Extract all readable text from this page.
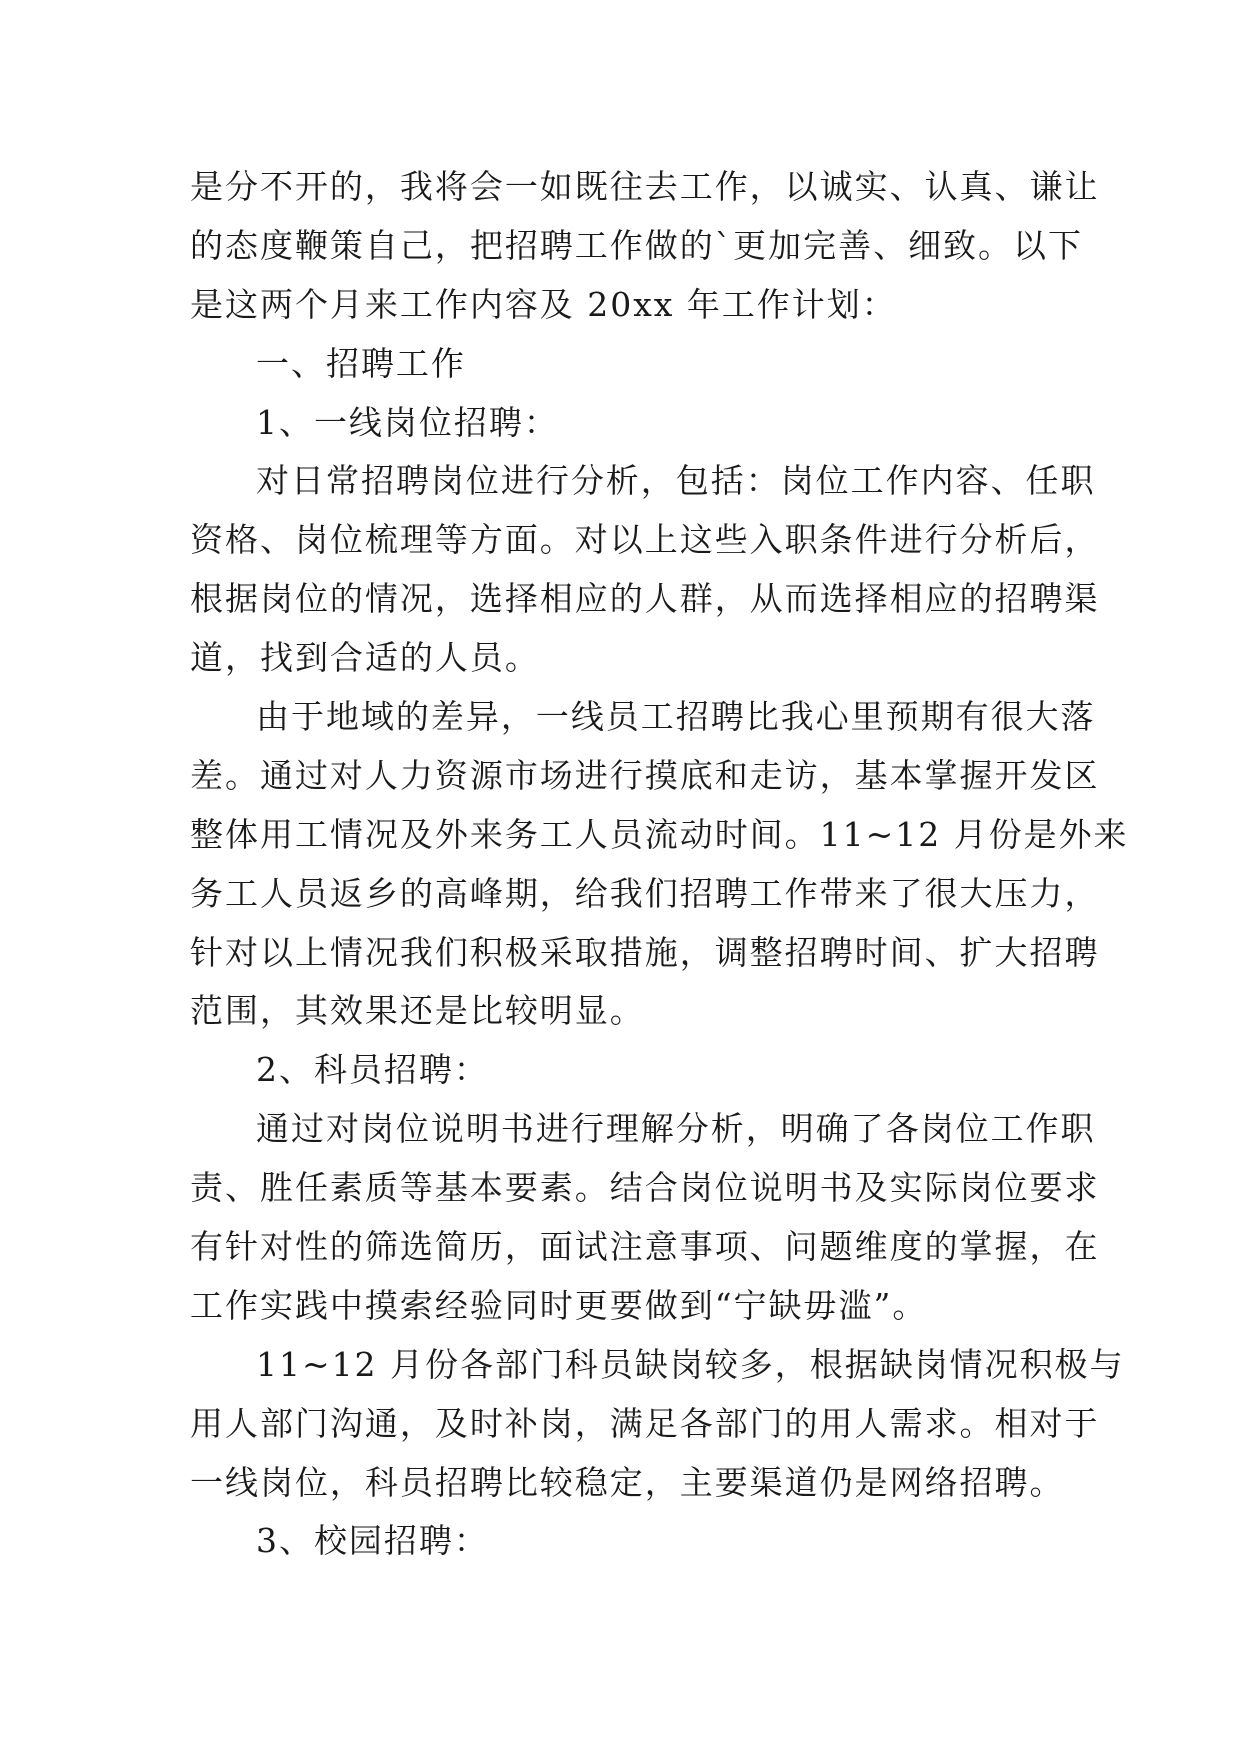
是分不开的，我将会一如既往去工作，以诚实、认真、谦让
的态度鞭策自己，把招聘工作做的`更加完善、细致。以下
是这两个月来工作内容及 20xx 年工作计划：
一、招聘工作
1、一线岗位招聘：
对日常招聘岗位进行分析，包括：岗位工作内容、任职
资格、岗位梳理等方面。对以上这些入职条件进行分析后，
根据岗位的情况，选择相应的人群，从而选择相应的招聘渠
道，找到合适的人员。
由于地域的差异，一线员工招聘比我心里预期有很大落
差。通过对人力资源市场进行摸底和走访，基本掌握开发区
整体用工情况及外来务工人员流动时间。11~12 月份是外来
务工人员返乡的高峰期，给我们招聘工作带来了很大压力，
针对以上情况我们积极采取措施，调整招聘时间、扩大招聘
范围，其效果还是比较明显。
2、科员招聘：
通过对岗位说明书进行理解分析，明确了各岗位工作职
责、胜任素质等基本要素。结合岗位说明书及实际岗位要求
有针对性的筛选简历，面试注意事项、问题维度的掌握，在
工作实践中摸索经验同时更要做到“宁缺毋滥”。
11~12 月份各部门科员缺岗较多，根据缺岗情况积极与
用人部门沟通，及时补岗，满足各部门的用人需求。相对于
一线岗位，科员招聘比较稳定，主要渠道仍是网络招聘。
3、校园招聘：
